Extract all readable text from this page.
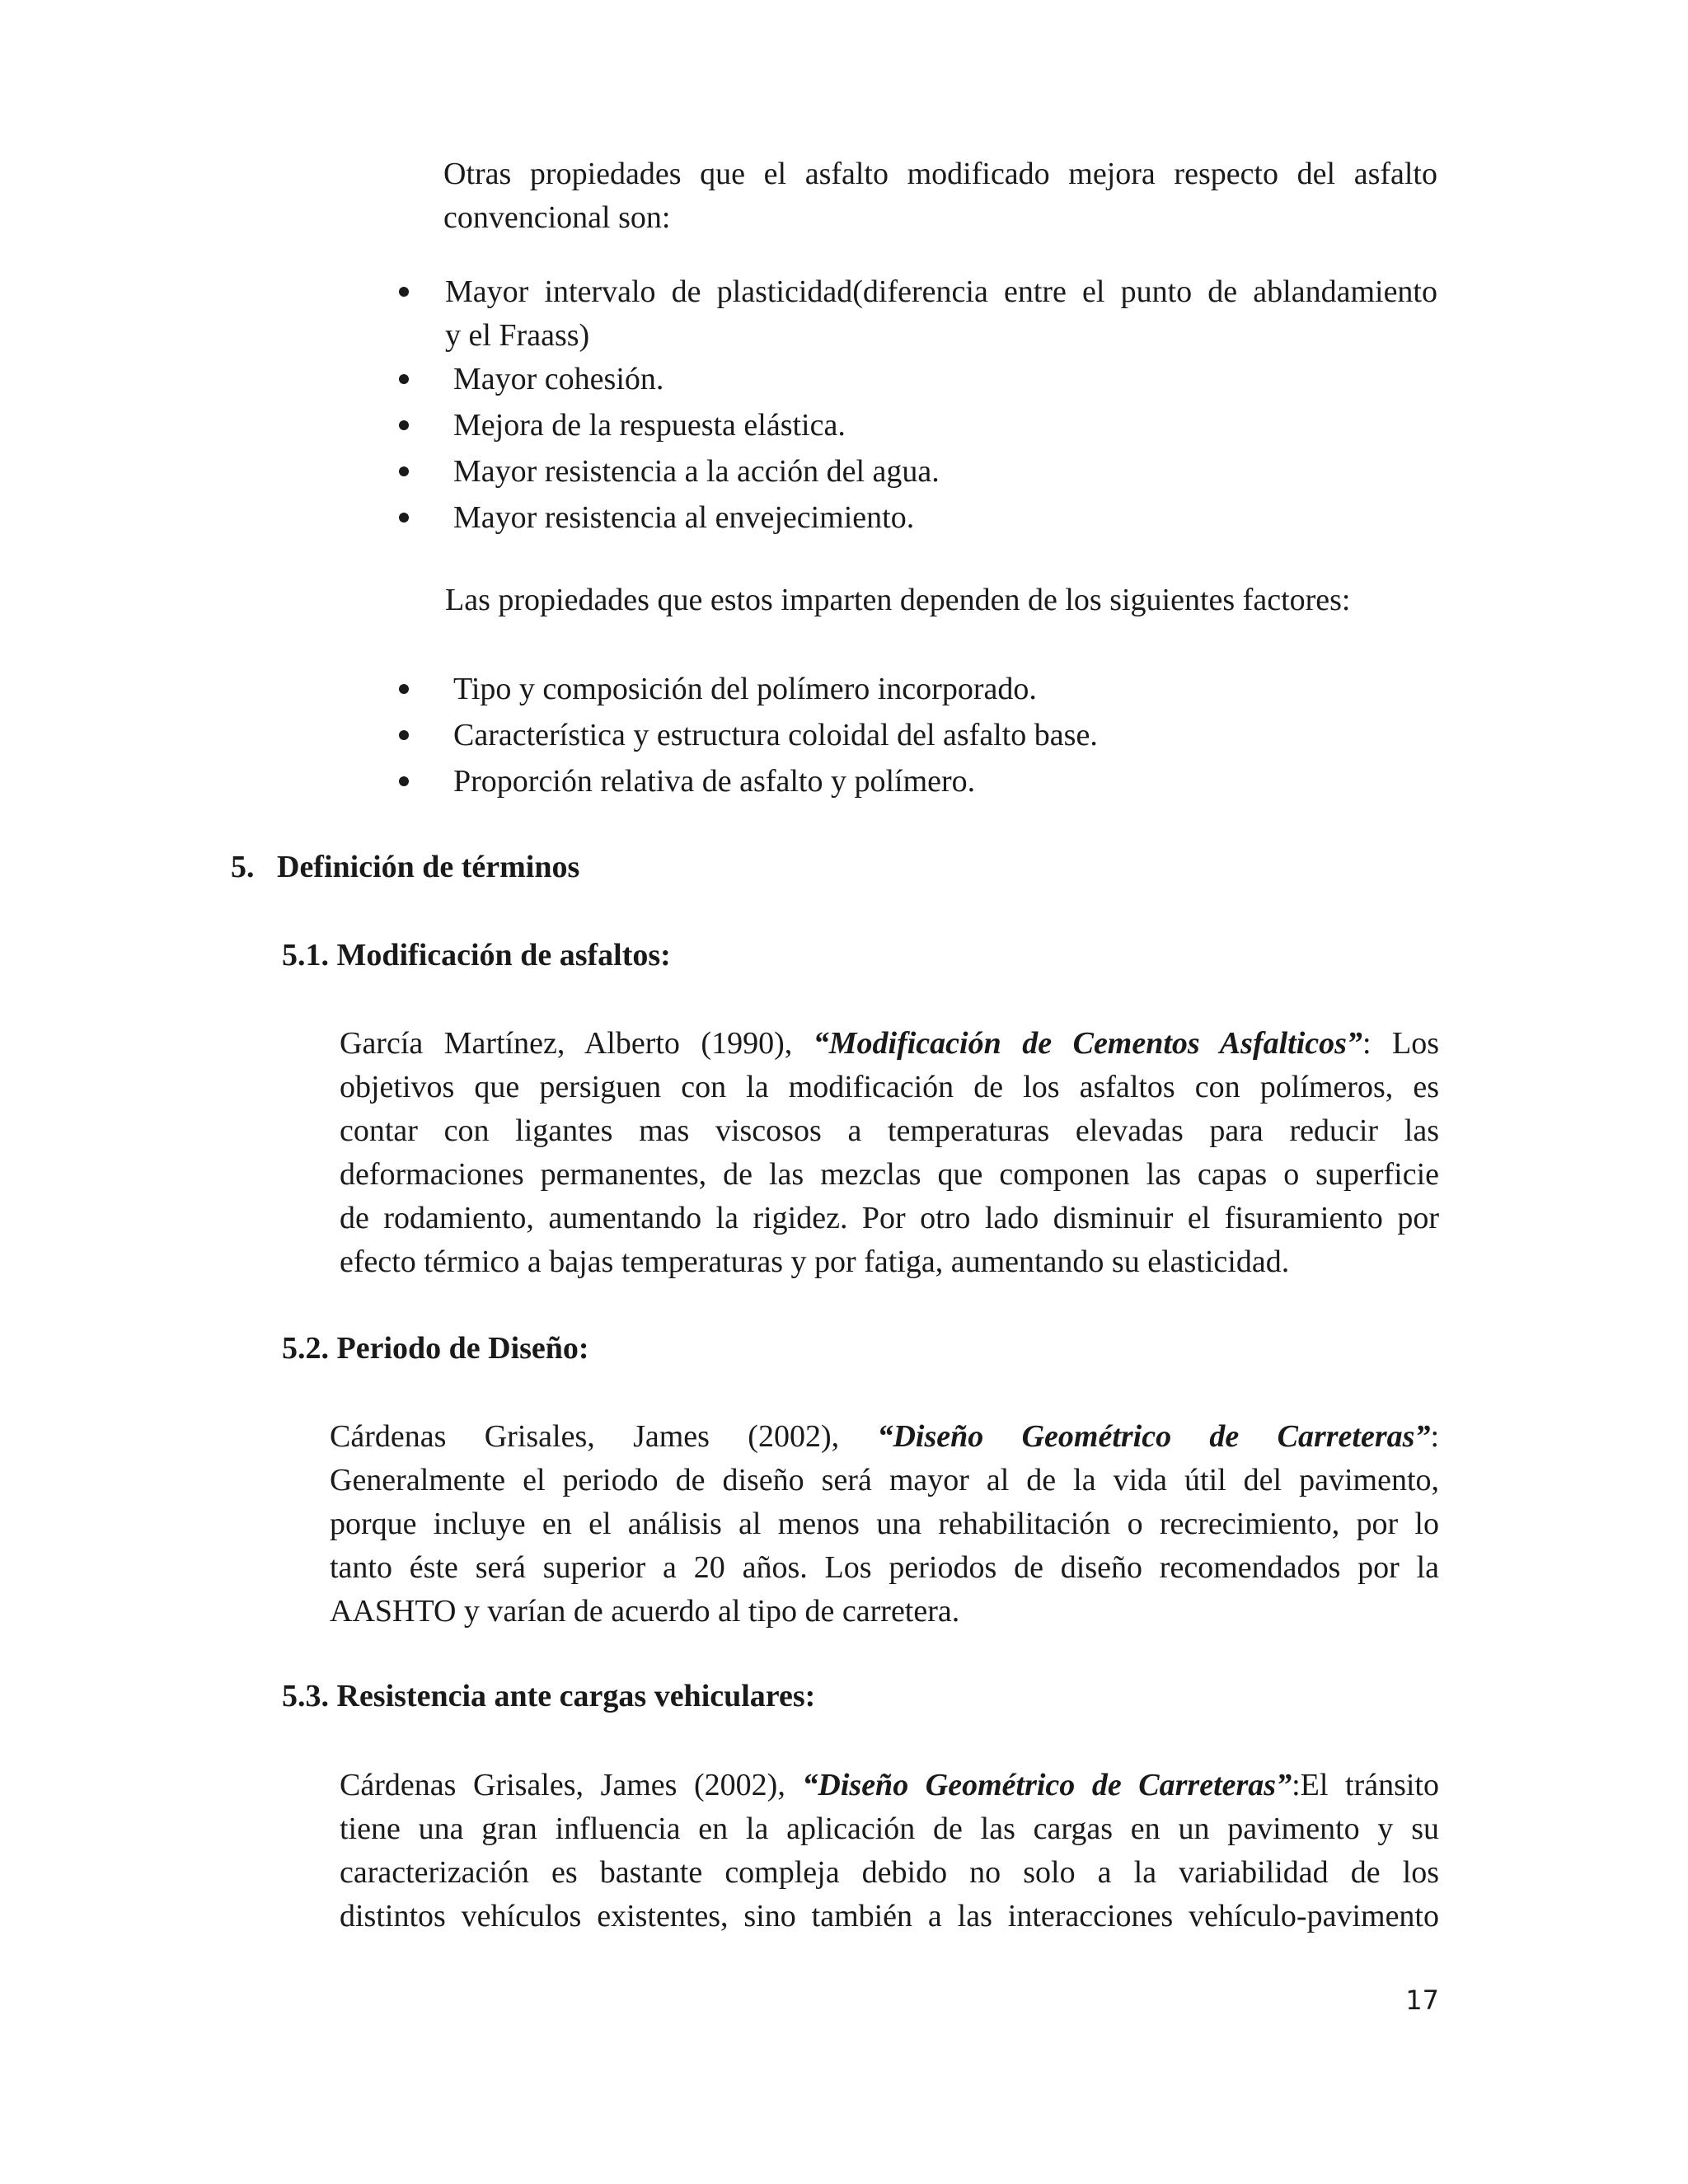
Otras propiedades que el asfalto modificado mejora respecto del asfalto
convencional son:
Mayor intervalo de plasticidad(diferencia entre el punto de ablandamiento
y el Fraass)
Mayor cohesión.
Mejora de la respuesta elástica.
Mayor resistencia a la acción del agua.
Mayor resistencia al envejecimiento.
Las propiedades que estos imparten dependen de los siguientes factores:
Tipo y composición del polímero incorporado.
Característica y estructura coloidal del asfalto base.
Proporción relativa de asfalto y polímero.
5. Definición de términos
5.1. Modificación de asfaltos:
García Martínez, Alberto (1990), “Modificación de Cementos Asfalticos”: Los
objetivos que persiguen con la modificación de los asfaltos con polímeros, es
contar con ligantes mas viscosos a temperaturas elevadas para reducir las
deformaciones permanentes, de las mezclas que componen las capas o superficie
de rodamiento, aumentando la rigidez. Por otro lado disminuir el fisuramiento por
efecto térmico a bajas temperaturas y por fatiga, aumentando su elasticidad.
5.2. Periodo de Diseño:
Cárdenas Grisales, James (2002), “Diseño Geométrico de Carreteras”:
Generalmente el periodo de diseño será mayor al de la vida útil del pavimento,
porque incluye en el análisis al menos una rehabilitación o recrecimiento, por lo
tanto éste será superior a 20 años. Los periodos de diseño recomendados por la
AASHTO y varían de acuerdo al tipo de carretera.
5.3. Resistencia ante cargas vehiculares:
Cárdenas Grisales, James (2002), “Diseño Geométrico de Carreteras”:El tránsito
tiene una gran influencia en la aplicación de las cargas en un pavimento y su
caracterización es bastante compleja debido no solo a la variabilidad de los
distintos vehículos existentes, sino también a las interacciones vehículo-pavimento
17
